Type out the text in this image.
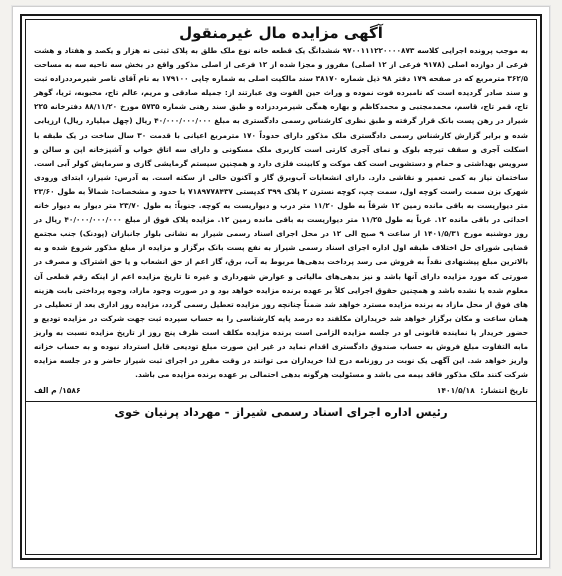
آگهی مزایده مال غیرمنقول

به موجب پرونده اجرایی کلاسه ۹۷۰۰۱۱۱۲۲۰۰۰۰۸۷۳ ششدانگ یک قطعه خانه نوع ملک طلق به پلاک ثبتی نه هزار و یکصد و هفتاد و هشت فرعی از دوازده اصلی (۹۱۷۸ فرعی از ۱۲ اصلی) مفروز و مجزا شده از ۱۲ فرعی از اصلی مذکور واقع در بخش سه ناحیه سه به مساحت ۳۶۲/۵ مترمربع که در صفحه ۱۷۹ دفتر ۹۸ ذیل شماره ۳۸۱۷۰ سند مالکیت اصلی به شماره چاپی ۱۷۹۱۰۰ به نام آقای ناصر شیرمرددزاده ثبت و سند صادر گردیده است که نامبرده فوت نموده و وراث حین الفوت وی عبارتند از: جمیله صادقی و مریم، عالم تاج، محبوبه، ثریا، گوهر تاج، قمر تاج، قاسم، محمدمجتبی و محمدکاظم و بهاره همگی شیرمرددزاده و طبق سند رهنی شماره ۵۷۳۵ مورخ ۸۸/۱۱/۲۰ دفترخانه ۲۲۵ شیراز در رهن پست بانک قرار گرفته و طبق نظری کارشناس رسمی دادگستری به مبلغ ۴۰/۰۰۰/۰۰۰/۰۰۰ ریال (چهل میلیارد ریال) ارزیابی شده و برابر گزارش کارشناس رسمی دادگستری ملک مذکور دارای حدوداً ۱۷۰ مترمربع اعیانی با قدمت ۳۰ سال ساخت در یک طبقه با اسکلت آجری و سقف تیرچه بلوک و نمای آجری کارتی است کاربری ملک مسکونی و دارای سه اتاق خواب و آشپزخانه اپن و سالن و سرویس بهداشتی و حمام و دستشویی است کف موکت و کابینت فلزی دارد و همچنین سیستم گرمایشی گازی و سرمایش کولر آبی است. ساختمان نیاز به کمی تعمیر و نقاشی دارد. دارای انشعابات آب‌وبرق گاز و آکنون خالی از سکنه است. به آدرس: شیراز، ابتدای ورودی شهرک بزن سمت راست کوچه اول، سمت چپ، کوچه نسترن ۲ پلاک ۳۹۹ کدپستی ۷۱۸۹۷۷۸۴۳۷ با حدود و مشخصات: شمالاً به طول ۲۳/۶۰ متر دیواریست به باقی مانده زمین ۱۲ شرقاً به طول ۱۱/۲۰ متر درب و دیواریست به کوچه. جنوباً: به طول ۲۳/۷۰ متر دیوار به دیوار خانه احداثی در باقی مانده ۱۲. غرباً به طول ۱۱/۲۵ متر دیواریست به باقی مانده زمین ۱۲. مزایده پلاک فوق از مبلغ ۴۰/۰۰۰/۰۰۰/۰۰۰ ریال در روز دوشنبه مورخ ۱۴۰۱/۵/۳۱ از ساعت ۹ صبح الی ۱۲ در محل اجرای اسناد رسمی شیراز به نشانی بلوار جانبازان (پودنک) جنب مجتمع قضایی شورای حل اختلاف طبقه اول اداره اجرای اسناد رسمی شیراز به نفع پست بانک برگزار و مزایده از مبلغ مذکور شروع شده و به بالاترین مبلغ پیشنهادی نقداً به فروش می رسد پرداخت بدهی‌ها مربوط به آب، برق، گاز اعم از حق انشعاب و یا حق اشتراک و مصرف در صورتی که مورد مزایده دارای آنها باشد و نیز بدهی‌های مالیاتی و عوارض شهرداری و غیره تا تاریخ مزایده اعم از اینکه رقم قطعی آن معلوم شده یا نشده باشد و همچنین حقوق اجرایی کلاً بر عهده برنده مزایده خواهد بود و در صورت وجود مازاد، وجوه پرداختی بابت هزینه های فوق از محل مازاد به برنده مزایده مسترد خواهد شد ضمناً چنانچه روز مزایده تعطیل رسمی گردد، مزایده روز اداری بعد از تعطیلی در همان ساعت و مکان برگزار خواهد شد خریداران مکلفند ده درصد پایه کارشناسی را به حساب سپرده ثبت جهت شرکت در مزایده تودیع و حضور خریدار یا نماینده قانونی او در جلسه مزایده الزامی است برنده مزایده مکلف است ظرف پنج روز از تاریخ مزایده نسبت به واریز مابه التفاوت مبلغ فروش به حساب صندوق دادگستری اقدام نماید در غیر این صورت مبلغ تودیعی قابل استرداد نبوده و به حساب خزانه واریز خواهد شد. این آگهی یک نوبت در روزنامه درج لذا خریداران می توانند در وقت مقرر در اجرای ثبت شیراز حاضر و در جلسه مزایده شرکت کنند ملک مذکور فاقد بیمه می باشد و مسئولیت هرگونه بدهی احتمالی بر عهده برنده مزایده می باشد.

تاریخ انتشار: ۱۴۰۱/۵/۱۸
۱۵۸۶/ م الف
رئیس اداره اجرای اسناد رسمی شیراز - مهرداد پرنیان خوی
